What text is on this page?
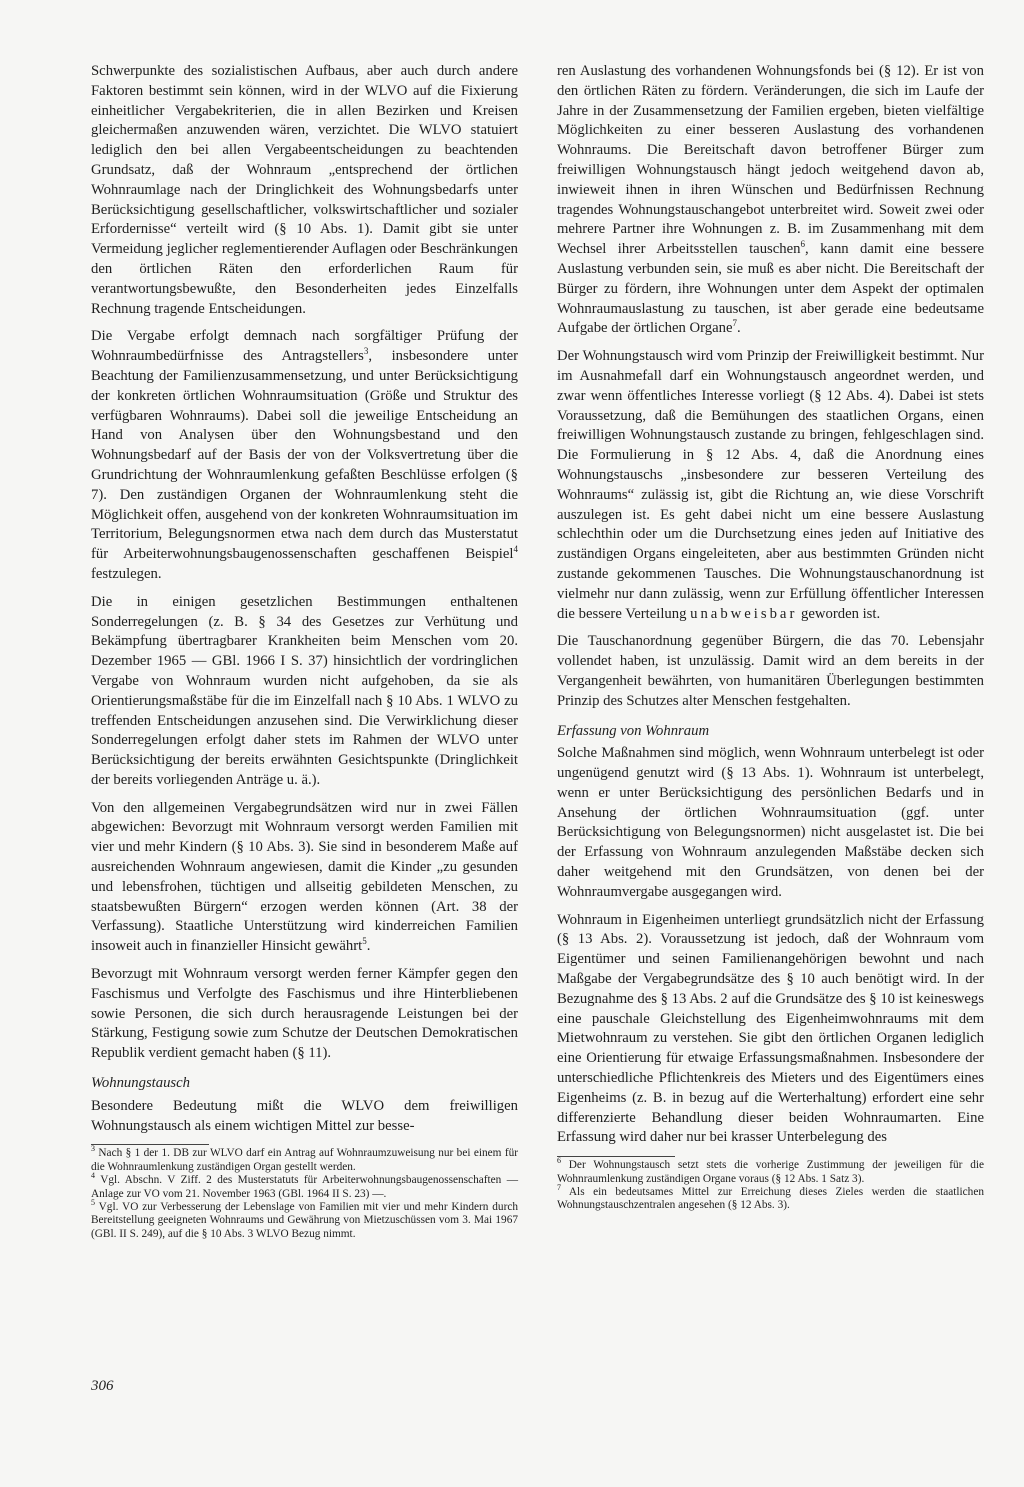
Schwerpunkte des sozialistischen Aufbaus, aber auch durch andere Faktoren bestimmt sein können, wird in der WLVO auf die Fixierung einheitlicher Vergabekriterien, die in allen Bezirken und Kreisen gleichermaßen anzuwenden wären, verzichtet. Die WLVO statuiert lediglich den bei allen Vergabeentscheidungen zu beachtenden Grundsatz, daß der Wohnraum „entsprechend der örtlichen Wohnraumlage nach der Dringlichkeit des Wohnungsbedarfs unter Berücksichtigung gesellschaftlicher, volkswirtschaftlicher und sozialer Erfordernisse“ verteilt wird (§ 10 Abs. 1). Damit gibt sie unter Vermeidung jeglicher reglementierender Auflagen oder Beschränkungen den örtlichen Räten den erforderlichen Raum für verantwortungsbewußte, den Besonderheiten jedes Einzelfalls Rechnung tragende Entscheidungen.

Die Vergabe erfolgt demnach nach sorgfältiger Prüfung der Wohnraumbedürfnisse des Antragstellers$^3$, insbesondere unter Beachtung der Familienzusammensetzung, und unter Berücksichtigung der konkreten örtlichen Wohnraumsituation (Größe und Struktur des verfügbaren Wohnraums). Dabei soll die jeweilige Entscheidung an Hand von Analysen über den Wohnungsbestand und den Wohnungsbedarf auf der Basis der von der Volksvertretung über die Grundrichtung der Wohnraumlenkung gefaßten Beschlüsse erfolgen (§ 7). Den zuständigen Organen der Wohnraumlenkung steht die Möglichkeit offen, ausgehend von der konkreten Wohnraumsituation im Territorium, Belegungsnormen etwa nach dem durch das Musterstatut für Arbeiterwohnungsbaugenossenschaften geschaffenen Beispiel$^4$ festzulegen.

Die in einigen gesetzlichen Bestimmungen enthaltenen Sonderregelungen (z. B. § 34 des Gesetzes zur Verhütung und Bekämpfung übertragbarer Krankheiten beim Menschen vom 20. Dezember 1965 — GBl. 1966 I S. 37) hinsichtlich der vordringlichen Vergabe von Wohnraum wurden nicht aufgehoben, da sie als Orientierungsmaßstäbe für die im Einzelfall nach § 10 Abs. 1 WLVO zu treffenden Entscheidungen anzusehen sind. Die Verwirklichung dieser Sonderregelungen erfolgt daher stets im Rahmen der WLVO unter Berücksichtigung der bereits erwähnten Gesichtspunkte (Dringlichkeit der bereits vorliegenden Anträge u. ä.).

Von den allgemeinen Vergabegrundsätzen wird nur in zwei Fällen abgewichen: Bevorzugt mit Wohnraum versorgt werden Familien mit vier und mehr Kindern (§ 10 Abs. 3). Sie sind in besonderem Maße auf ausreichenden Wohnraum angewiesen, damit die Kinder „zu gesunden und lebensfrohen, tüchtigen und allseitig gebildeten Menschen, zu staatsbewußten Bürgern“ erzogen werden können (Art. 38 der Verfassung). Staatliche Unterstützung wird kinderreichen Familien insoweit auch in finanzieller Hinsicht gewährt$^5$.

Bevorzugt mit Wohnraum versorgt werden ferner Kämpfer gegen den Faschismus und Verfolgte des Faschismus und ihre Hinterbliebenen sowie Personen, die sich durch herausragende Leistungen bei der Stärkung, Festigung sowie zum Schutze der Deutschen Demokratischen Republik verdient gemacht haben (§ 11).

Wohnungstausch

Besondere Bedeutung mißt die WLVO dem freiwilligen Wohnungstausch als einem wichtigen Mittel zur besse-

$^3$ Nach § 1 der 1. DB zur WLVO darf ein Antrag auf Wohnraumzuweisung nur bei einem für die Wohnraumlenkung zuständigen Organ gestellt werden.

$^4$ Vgl. Abschn. V Ziff. 2 des Musterstatuts für Arbeiterwohnungsbaugenossenschaften — Anlage zur VO vom 21. November 1963 (GBl. 1964 II S. 23) —.

$^5$ Vgl. VO zur Verbesserung der Lebenslage von Familien mit vier und mehr Kindern durch Bereitstellung geeigneten Wohnraums und Gewährung von Mietzuschüssen vom 3. Mai 1967 (GBl. II S. 249), auf die § 10 Abs. 3 WLVO Bezug nimmt.

ren Auslastung des vorhandenen Wohnungsfonds bei (§ 12). Er ist von den örtlichen Räten zu fördern. Veränderungen, die sich im Laufe der Jahre in der Zusammensetzung der Familien ergeben, bieten vielfältige Möglichkeiten zu einer besseren Auslastung des vorhandenen Wohnraums. Die Bereitschaft davon betroffener Bürger zum freiwilligen Wohnungstausch hängt jedoch weitgehend davon ab, inwieweit ihnen in ihren Wünschen und Bedürfnissen Rechnung tragendes Wohnungstauschangebot unterbreitet wird. Soweit zwei oder mehrere Partner ihre Wohnungen z. B. im Zusammenhang mit dem Wechsel ihrer Arbeitsstellen tauschen$^6$, kann damit eine bessere Auslastung verbunden sein, sie muß es aber nicht. Die Bereitschaft der Bürger zu fördern, ihre Wohnungen unter dem Aspekt der optimalen Wohnraumauslastung zu tauschen, ist aber gerade eine bedeutsame Aufgabe der örtlichen Organe$^7$.

Der Wohnungstausch wird vom Prinzip der Freiwilligkeit bestimmt. Nur im Ausnahmefall darf ein Wohnungstausch angeordnet werden, und zwar wenn öffentliches Interesse vorliegt (§ 12 Abs. 4). Dabei ist stets Voraussetzung, daß die Bemühungen des staatlichen Organs, einen freiwilligen Wohnungstausch zustande zu bringen, fehlgeschlagen sind. Die Formulierung in § 12 Abs. 4, daß die Anordnung eines Wohnungstauschs „insbesondere zur besseren Verteilung des Wohnraums“ zulässig ist, gibt die Richtung an, wie diese Vorschrift auszulegen ist. Es geht dabei nicht um eine bessere Auslastung schlechthin oder um die Durchsetzung eines jeden auf Initiative des zuständigen Organs eingeleiteten, aber aus bestimmten Gründen nicht zustande gekommenen Tausches. Die Wohnungstauschanordnung ist vielmehr nur dann zulässig, wenn zur Erfüllung öffentlicher Interessen die bessere Verteilung unabweisbar geworden ist.

Die Tauschanordnung gegenüber Bürgern, die das 70. Lebensjahr vollendet haben, ist unzulässig. Damit wird an dem bereits in der Vergangenheit bewährten, von humanitären Überlegungen bestimmten Prinzip des Schutzes alter Menschen festgehalten.

Erfassung von Wohnraum

Solche Maßnahmen sind möglich, wenn Wohnraum unterbelegt ist oder ungenügend genutzt wird (§ 13 Abs. 1). Wohnraum ist unterbelegt, wenn er unter Berücksichtigung des persönlichen Bedarfs und in Ansehung der örtlichen Wohnraumsituation (ggf. unter Berücksichtigung von Belegungsnormen) nicht ausgelastet ist. Die bei der Erfassung von Wohnraum anzulegenden Maßstäbe decken sich daher weitgehend mit den Grundsätzen, von denen bei der Wohnraumvergabe ausgegangen wird.

Wohnraum in Eigenheimen unterliegt grundsätzlich nicht der Erfassung (§ 13 Abs. 2). Voraussetzung ist jedoch, daß der Wohnraum vom Eigentümer und seinen Familienangehörigen bewohnt und nach Maßgabe der Vergabegrundsätze des § 10 auch benötigt wird. In der Bezugnahme des § 13 Abs. 2 auf die Grundsätze des § 10 ist keineswegs eine pauschale Gleichstellung des Eigenheimwohnraums mit dem Mietwohnraum zu verstehen. Sie gibt den örtlichen Organen lediglich eine Orientierung für etwaige Erfassungsmaßnahmen. Insbesondere der unterschiedliche Pflichtenkreis des Mieters und des Eigentümers eines Eigenheims (z. B. in bezug auf die Werterhaltung) erfordert eine sehr differenzierte Behandlung dieser beiden Wohnraumarten. Eine Erfassung wird daher nur bei krasser Unterbelegung des

$^6$ Der Wohnungstausch setzt stets die vorherige Zustimmung der jeweiligen für die Wohnraumlenkung zuständigen Organe voraus (§ 12 Abs. 1 Satz 3).

$^7$ Als ein bedeutsames Mittel zur Erreichung dieses Zieles werden die staatlichen Wohnungstauschzentralen angesehen (§ 12 Abs. 3).

306
